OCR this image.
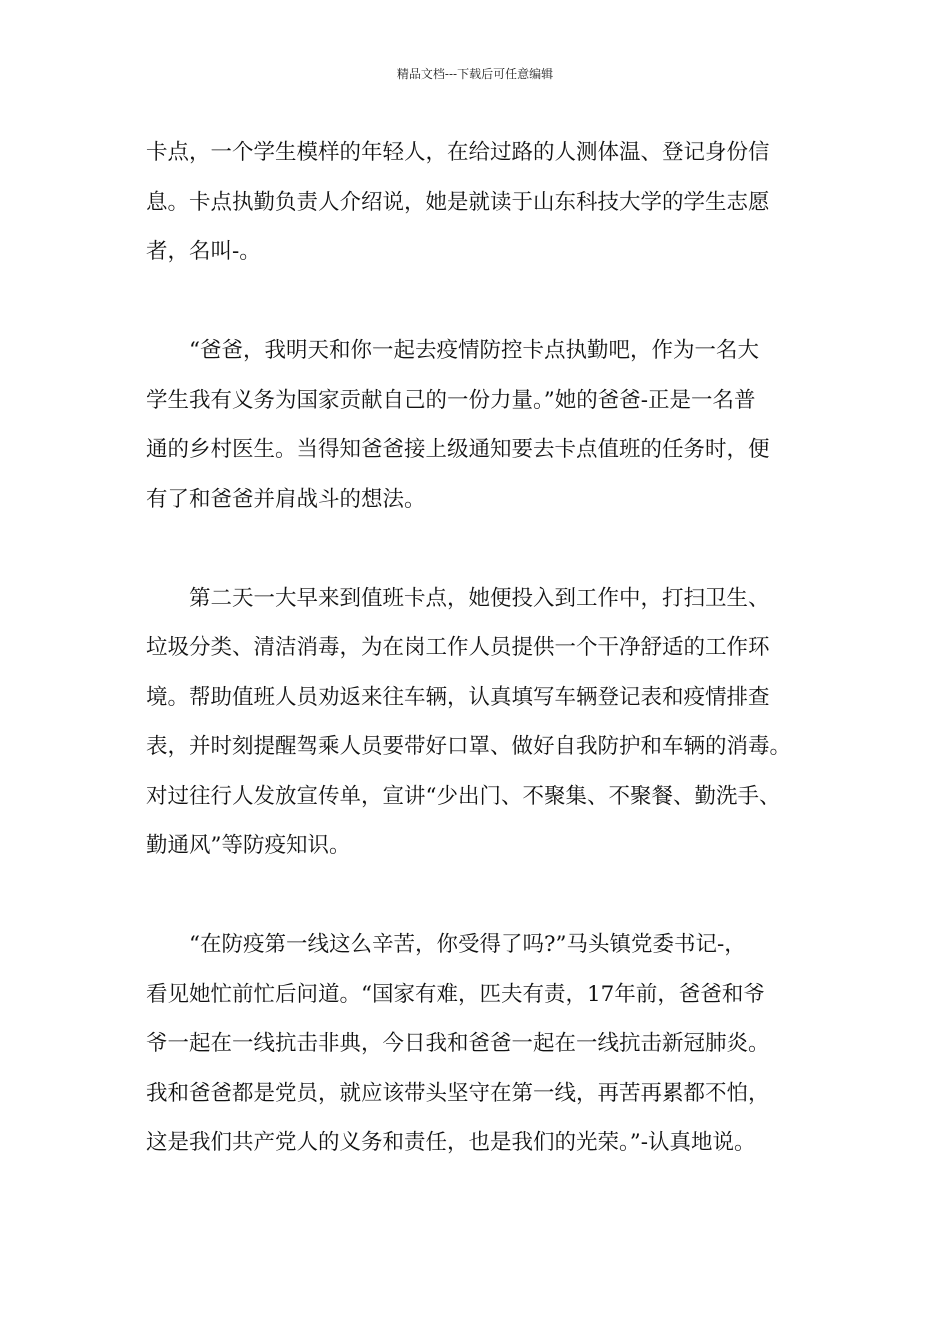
精品文档---下载后可任意编辑
卡点，一个学生模样的年轻人，在给过路的人测体温、登记身份信
息。卡点执勤负责人介绍说，她是就读于山东科技大学的学生志愿
者，名叫-。
　　“爸爸，我明天和你一起去疫情防控卡点执勤吧，作为一名大
学生我有义务为国家贡献自己的一份力量。”她的爸爸-正是一名普
通的乡村医生。当得知爸爸接上级通知要去卡点值班的任务时，便
有了和爸爸并肩战斗的想法。
　　第二天一大早来到值班卡点，她便投入到工作中，打扫卫生、
垃圾分类、清洁消毒，为在岗工作人员提供一个干净舒适的工作环
境。帮助值班人员劝返来往车辆，认真填写车辆登记表和疫情排查
表，并时刻提醒驾乘人员要带好口罩、做好自我防护和车辆的消毒。
对过往行人发放宣传单，宣讲“少出门、不聚集、不聚餐、勤洗手、
勤通风”等防疫知识。
　　“在防疫第一线这么辛苦，你受得了吗?”马头镇党委书记-，
看见她忙前忙后问道。“国家有难，匹夫有责，17年前，爸爸和爷
爷一起在一线抗击非典，今日我和爸爸一起在一线抗击新冠肺炎。
我和爸爸都是党员，就应该带头坚守在第一线，再苦再累都不怕，
这是我们共产党人的义务和责任，也是我们的光荣。”-认真地说。
